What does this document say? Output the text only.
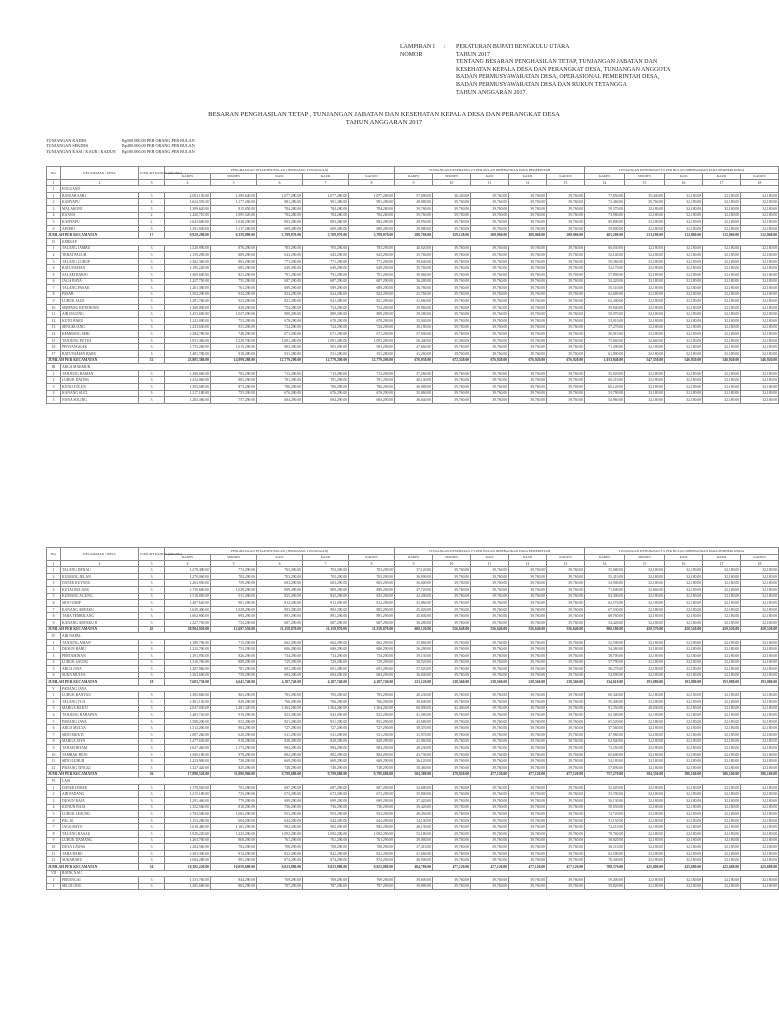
LAMPIRAN I	:	PERATURAN BUPATI BENGKULU UTARA
NOMOR	TAHUN 2017
TENTANG BESARAN PENGHASILAN TETAP, TUNJANGAN JABATAN DAN
KESEHATAN KEPALA DESA DAN PERANGKAT DESA, TUNJANGAN ANGGOTA
BADAN PERMUSYAWARATAN DESA, OPERASIONAL PEMERINTAH DESA,
BADAN PERMUSYAWARATAN DESA DAN RUKUN TETANGGA
TAHUN ANGGARAN 2017.
BESARAN PENGHASILAN TETAP , TUNJANGAN JABATAN DAN KESEHATAN KEPALA DESA DAN PERANGKAT DESA
TAHUN ANGGARAN 2017
TUNJANGAN KADES	Rp500.000,00 PER ORANG PER BULAN
TUNJANGAN SEKDES	Rp400.000,00 PER ORANG PER BULAN
TUNJANGAN KASI / KAUR / KADUN	Rp100.000,00 PER ORANG PER BULAN
NO.	KECAMATAN / DESA	JUMLAH KADUN (ORANG)	PENGHASILAN TETAP PER BULAN (TERMASUK TUNJANGAN)					TUNJANGAN KESEHATAN 2% PER BULAN DIBEBANKAN PADA PEMERINTAH					TUNJANGAN KESEHATAN 3% PER BULAN DIBEBANKAN PADA PEMBERI KERJA				
			KADES	SEKDES	KASI	KAUR	KADUN	KADES	SEKDES	KASI	KAUR	KADUN	KADES	SEKDES	KASI	KAUR	KADUN
1	2	3	4	5	6	7	8	9	10	11	12	13	14	15	16	17	18
I	ENGGANO																
1	BANJAR SARI	3	2,093,150.00	1,389,640.00	1,077,280.00	1,077,280.00	1,077,280.00	57,000.00	36,320.00	39,760.00	39,760.00	39,760.00	77,850.00	35,440.00	32,180.00	32,180.00	32,180.00
2	KAHYAPU	4	1,624,595.00	1,177,260.00	981,280.00	981,280.00	981,280.00	49,980.00	39,760.00	39,760.00	39,760.00	39,760.00	72,460.00	39,760.00	32,180.00	32,180.00	32,180.00
3	MALAKONI	3	1,389,620.00	815,050.00	784,280.00	784,280.00	784,280.00	39,760.00	39,760.00	39,760.00	39,760.00	39,760.00	59,370.00	32,180.00	32,180.00	32,180.00	32,180.00
4	KAANA	2	1,420,710.00	1,095,520.00	784,280.00	784,280.00	784,280.00	39,760.00	39,760.00	39,760.00	39,760.00	39,760.00	73,980.00	32,180.00	32,180.00	32,180.00	32,180.00
5	KAHYAPU	2	1,643,600.00	1,028,290.00	883,280.00	883,280.00	883,280.00	49,950.00	39,760.00	39,760.00	39,760.00	39,760.00	69,800.00	32,180.00	32,180.00	32,180.00	32,180.00
6	APOHO	3	1,391,040.00	1,117,280.00	689,280.00	689,280.00	689,280.00	39,980.00	39,760.00	39,760.00	39,760.00	39,760.00	59,890.00	32,180.00	32,180.00	32,180.00	32,180.00
JUMLAH PER KECAMATAN		17	9,929,290.00	6,359,800.00	5,789,970.00	5,789,970.00	5,789,970.00	288,768.00	259,128.00	208,960.00	208,960.00	208,960.00	403,200.00	213,180.00	212,860.00	212,860.00	212,860.00
II	KERKAP																
1	TALANG JAMBU	3	1,520,990.00	876,290.00	783,290.00	783,290.00	783,290.00	40,020.00	39,760.00	39,760.00	39,760.00	39,760.00	60,030.00	32,180.00	32,180.00	32,180.00	32,180.00
2	TEBAT PACUR	3	1,159,290.00	889,290.00	643,290.00	643,290.00	643,290.00	35,760.00	39,760.00	39,760.00	39,760.00	39,760.00	52,140.00	32,180.00	32,180.00	32,180.00	32,180.00
3	TALANG CURUP	3	1,362,360.00	863,290.00	771,290.00	771,290.00	771,290.00	39,640.00	39,760.00	39,760.00	39,760.00	39,760.00	59,360.00	32,180.00	32,180.00	32,180.00	32,180.00
4	BATUYAMAN	3	1,185,220.00	683,290.00	649,290.00	649,290.00	649,290.00	35,760.00	39,760.00	39,760.00	39,760.00	39,760.00	52,170.00	32,180.00	32,180.00	32,180.00	32,180.00
5	SALAM HARJO	3	1,369,600.00	821,290.00	791,290.00	791,290.00	791,290.00	39,960.00	39,760.00	39,760.00	39,760.00	39,760.00	57,890.00	32,180.00	32,180.00	32,180.00	32,180.00
6	JAGA BAYA	3	1,227,750.00	755,290.00	687,290.00	687,290.00	687,290.00	36,280.00	39,760.00	39,760.00	39,760.00	39,760.00	54,420.00	32,180.00	32,180.00	32,180.00	32,180.00
7	TALANG PASAK	3	1,261,380.00	761,290.00	689,290.00	689,290.00	689,290.00	36,780.00	39,760.00	39,760.00	39,760.00	39,760.00	55,110.00	32,180.00	32,180.00	32,180.00	32,180.00
8	PASAR	3	1,504,290.00	934,290.00	824,290.00	824,290.00	824,290.00	41,760.00	39,760.00	39,760.00	39,760.00	39,760.00	62,680.00	32,180.00	32,180.00	32,180.00	32,180.00
9	LUBUK JAGE	3	1,381,760.00	923,290.00	821,290.00	821,290.00	821,290.00	41,660.00	39,760.00	39,760.00	39,760.00	39,760.00	62,490.00	32,180.00	32,180.00	32,180.00	32,180.00
10	SIMPANG KETENONG	3	1,369,000.00	828,290.00	754,290.00	754,290.00	754,290.00	39,960.00	39,760.00	39,760.00	39,760.00	39,760.00	59,940.00	32,180.00	32,180.00	32,180.00	32,180.00
11	AIR DAGING	3	1,453,690.00	1,027,290.00	889,290.00	889,290.00	889,290.00	39,380.00	39,760.00	39,760.00	39,760.00	39,760.00	59,070.00	32,180.00	32,180.00	32,180.00	32,180.00
12	KUTO BARU	3	1,221,080.00	753,290.00	678,290.00	678,290.00	678,290.00	35,940.00	39,760.00	39,760.00	39,760.00	39,760.00	53,910.00	32,180.00	32,180.00	32,180.00	32,180.00
13	SENGKUANG	3	1,233,650.00	811,290.00	724,290.00	724,290.00	724,290.00	38,180.00	39,760.00	39,760.00	39,760.00	39,760.00	57,270.00	32,180.00	32,180.00	32,180.00	32,180.00
14	KEMBANG SERI	3	1,284,780.00	748,290.00	671,290.00	671,290.00	671,290.00	37,940.00	39,760.00	39,760.00	39,760.00	39,760.00	56,910.00	32,180.00	32,180.00	32,180.00	32,180.00
15	TANJUNG PUTUS	3	1,931,360.00	1,229,700.00	1,091,280.00	1,091,280.00	1,091,280.00	50,440.00	35,360.00	39,760.00	39,760.00	39,760.00	75,660.00	32,660.00	32,180.00	32,180.00	32,180.00
16	PENYANGKAK	3	1,753,200.00	1,015,290.00	903,290.00	903,290.00	903,290.00	47,660.00	39,760.00	39,760.00	39,760.00	39,760.00	71,490.00	32,180.00	32,180.00	32,180.00	32,180.00
17	BATUYAMAN BARU	3	1,481,780.00	918,280.00	811,280.00	811,280.00	811,280.00	41,260.00	39,760.00	39,760.00	39,760.00	39,760.00	61,890.00	32,180.00	32,180.00	32,180.00	32,180.00
JUMLAH PER KECAMATAN		52	23,981,380.00	14,999,280.00	12,779,290.00	12,779,290.00	12,779,290.00	676,030.00	672,520.00	676,920.00	676,920.00	676,920.00	1,013,940.00	547,350.00	546,920.00	546,920.00	546,920.00
III	ARGA MAKMUR																
1	TANJUNG RAMAN	3	1,289,660.00	782,290.00	713,290.00	713,290.00	713,290.00	37,260.00	39,760.00	39,760.00	39,760.00	39,760.00	55,920.00	32,180.00	32,180.00	32,180.00	32,180.00
2	LUBUK DATING	3	1,434,060.00	883,290.00	781,290.00	781,290.00	781,290.00	40,140.00	39,760.00	39,760.00	39,760.00	39,760.00	60,210.00	32,180.00	32,180.00	32,180.00	32,180.00
3	KUNO TOLUN	3	1,393,580.00	873,290.00	786,290.00	786,290.00	786,290.00	40,080.00	39,760.00	39,760.00	39,760.00	39,760.00	60,120.00	32,180.00	32,180.00	32,180.00	32,180.00
4	KANANG SUCI	3	1,217,180.00	755,290.00	676,290.00	676,290.00	676,290.00	35,860.00	39,760.00	39,760.00	39,760.00	39,760.00	53,790.00	32,180.00	32,180.00	32,180.00	32,180.00
5	NANA SOLING	3	1,203,360.00	757,290.00	684,290.00	684,290.00	684,290.00	36,640.00	39,760.00	39,760.00	39,760.00	39,760.00	54,960.00	32,180.00	32,180.00	32,180.00	32,180.00
NO.	KECAMATAN / DESA	JUMLAH KADUN (ORANG)	PENGHASILAN TETAP PER BULAN (TERMASUK TUNJANGAN)					TUNJANGAN KESEHATAN 2% PER BULAN DIBEBANKAN PADA PEMERINTAH					TUNJANGAN KESEHATAN 3% PER BULAN DIBEBANKAN PADA PEMBERI KERJA				
			KADES	SEKDES	KASI	KAUR	KADUN	KADES	SEKDES	KASI	KAUR	KADUN	KADES	SEKDES	KASI	KAUR	KADUN
1	2	3	4	5	6	7	8	9	10	11	12	13	14	15	16	17	18
1	TALANG DENAU	3	1,278,400.00	774,290.00	703,290.00	703,290.00	703,290.00	37,120.00	39,760.00	39,760.00	39,760.00	39,760.00	55,680.00	32,180.00	32,180.00	32,180.00	32,180.00
2	KUMANG JELAN	3	1,270,060.00	784,290.00	703,290.00	703,290.00	703,290.00	36,990.00	39,760.00	39,760.00	39,760.00	39,760.00	55,410.00	32,180.00	32,180.00	32,180.00	32,180.00
3	DATAR KUYANG	3	1,263,950.00	759,290.00	683,290.00	683,290.00	683,290.00	36,600.00	39,760.00	39,760.00	39,760.00	39,760.00	54,900.00	32,180.00	32,180.00	32,180.00	32,180.00
4	KUTAI BULANG	3	1,750,600.00	1,029,290.00	889,290.00	889,290.00	889,290.00	47,720.00	39,760.00	39,760.00	39,760.00	39,760.00	71,600.00	32,660.00	32,180.00	32,180.00	32,180.00
5	KUMANG AGUNG	3	1,518,850.00	911,290.00	825,290.00	825,290.00	825,290.00	42,200.00	39,760.00	39,760.00	39,760.00	39,760.00	63,300.00	32,180.00	32,180.00	32,180.00	32,180.00
6	SIDO UMIP	3	1,487,620.00	901,290.00	812,290.00	812,290.00	812,290.00	41,860.00	39,760.00	39,760.00	39,760.00	39,760.00	62,570.00	32,180.00	32,180.00	32,180.00	32,180.00
7	KANANG ARYAKU	3	1,629,400.00	1,028,290.00	883,290.00	883,290.00	883,290.00	45,020.00	39,760.00	39,760.00	39,760.00	39,760.00	67,530.00	32,180.00	32,180.00	32,180.00	32,180.00
8	TABA TEMBILANG	3	1,662,900.00	993,290.00	891,290.00	891,290.00	891,290.00	45,840.00	39,760.00	39,760.00	39,760.00	39,760.00	68,760.00	32,180.00	32,180.00	32,180.00	32,180.00
9	KANANG ARYAKU II	3	1,227,750.00	754,290.00	687,290.00	687,290.00	687,290.00	36,280.00	39,760.00	39,760.00	39,760.00	39,760.00	54,420.00	32,180.00	32,180.00	32,180.00	32,180.00
JUMLAH PER KECAMATAN		45	20,904,920.00	12,697,550.00	11,358,870.00	11,358,870.00	11,358,870.00	600,120.00	556,640.00	556,640.00	556,640.00	556,640.00	900,180.00	450,570.00	450,520.00	450,520.00	450,520.00
IV	AIR NAPAL																
1	TANJUNG AMAN	3	1,189,700.00	713,290.00	662,290.00	662,290.00	662,290.00	35,060.00	39,760.00	39,760.00	39,760.00	39,760.00	52,590.00	32,180.00	32,180.00	32,180.00	32,180.00
2	DUSUN BARU	3	1,233,760.00	753,290.00	686,290.00	686,290.00	686,290.00	36,290.00	39,760.00	39,760.00	39,760.00	39,760.00	54,360.00	32,180.00	32,180.00	32,180.00	32,180.00
3	PERTAMINAN	3	1,391,950.00	826,290.00	734,290.00	734,290.00	734,290.00	39,130.00	39,760.00	39,760.00	39,760.00	39,760.00	58,700.00	32,180.00	32,180.00	32,180.00	32,180.00
4	LUBUK SAUNG	3	1,316,760.00	808,290.00	729,290.00	729,290.00	729,290.00	38,520.00	39,760.00	39,760.00	39,760.00	39,760.00	57,790.00	32,180.00	32,180.00	32,180.00	32,180.00
5	ARGA JAYA	3	1,287,960.00	781,290.00	691,290.00	691,290.00	691,290.00	37,520.00	39,760.00	39,760.00	39,760.00	39,760.00	56,270.00	32,180.00	32,180.00	32,180.00	32,180.00
6	SUKA MULYA	3	1,263,600.00	759,290.00	684,290.00	684,290.00	684,290.00	36,600.00	39,760.00	39,760.00	39,760.00	39,760.00	54,900.00	32,180.00	32,180.00	32,180.00	32,180.00
JUMLAH PER KECAMATAN		18	7,683,730.00	4,641,740.00	4,187,740.00	4,187,740.00	4,187,740.00	223,120.00	238,560.00	238,560.00	238,560.00	238,560.00	334,610.00	193,080.00	193,080.00	193,080.00	193,080.00
V	PADANG JAYA																
1	LUBUK BANYAU	3	1,383,660.00	863,290.00	783,290.00	783,290.00	783,290.00	40,230.00	39,760.00	39,760.00	39,760.00	39,760.00	60,340.00	32,180.00	32,180.00	32,180.00	32,180.00
2	TALANG TUA	3	1,361,150.00	849,290.00	766,290.00	766,290.00	766,290.00	39,600.00	39,760.00	39,760.00	39,760.00	39,760.00	59,400.00	32,180.00	32,180.00	32,180.00	32,180.00
3	MARGA BAKTI	3	2,047,030.00	1,481,320.00	1,364,260.00	1,364,260.00	1,364,260.00	60,900.00	42,460.00	39,760.00	39,760.00	39,760.00	91,350.00	40,030.00	32,180.00	32,180.00	32,180.00
4	TANJUNG HARAPAN	3	1,483,720.00	919,290.00	823,290.00	823,290.00	823,290.00	41,580.00	39,760.00	39,760.00	39,760.00	39,760.00	62,380.00	32,180.00	32,180.00	32,180.00	32,180.00
5	PADANG JAYA	3	1,588,200.00	923,290.00	831,290.00	831,290.00	831,290.00	43,680.00	39,760.00	39,760.00	39,760.00	39,760.00	65,520.00	32,180.00	32,180.00	32,180.00	32,180.00
6	ARGA MULYA	3	1,312,260.00	804,290.00	727,290.00	727,290.00	727,290.00	38,370.00	39,760.00	39,760.00	39,760.00	39,760.00	57,560.00	32,180.00	32,180.00	32,180.00	32,180.00
7	SIDO MUKTI	3	1,087,260.00	628,290.00	611,290.00	611,290.00	611,290.00	31,970.00	39,760.00	39,760.00	39,760.00	39,760.00	47,960.00	32,180.00	32,180.00	32,180.00	32,180.00
8	MARGA JAYA	3	1,477,630.00	918,290.00	828,290.00	828,290.00	828,290.00	41,960.00	39,760.00	39,760.00	39,760.00	39,760.00	62,940.00	32,180.00	32,180.00	32,180.00	32,180.00
9	TANAH HITAM	3	1,627,460.00	1,173,290.00	984,290.00	984,290.00	984,290.00	48,230.00	39,760.00	39,760.00	39,760.00	39,760.00	72,350.00	32,180.00	32,180.00	32,180.00	32,180.00
10	TAMBAK REJO	3	1,569,180.00	978,290.00	882,290.00	882,290.00	882,290.00	43,730.00	39,760.00	39,760.00	39,760.00	39,760.00	65,600.00	32,180.00	32,180.00	32,180.00	32,180.00
11	SIDO LUHUR	3	1,223,960.00	738,290.00	669,290.00	669,290.00	669,290.00	36,120.00	39,760.00	39,760.00	39,760.00	39,760.00	54,180.00	32,180.00	32,180.00	32,180.00	32,180.00
12	PADANG TINGGI	3	1,327,420.00	825,290.00	748,290.00	748,290.00	748,290.00	38,460.00	39,760.00	39,760.00	39,760.00	39,760.00	57,690.00	32,180.00	32,180.00	32,180.00	32,180.00
JUMLAH PER KECAMATAN		36	17,888,520.00	11,080,960.00	9,799,680.00	9,799,680.00	9,799,680.00	504,380.00	479,820.00	477,120.00	477,120.00	477,120.00	757,270.00	394,350.00	386,160.00	386,160.00	386,160.00
VI	LAIS																
1	DATAR LEBAR	3	1,178,920.00	702,290.00	687,290.00	687,290.00	687,290.00	34,680.00	39,760.00	39,760.00	39,760.00	39,760.00	52,020.00	32,180.00	32,180.00	32,180.00	32,180.00
2	AIR PADANG	3	1,215,180.00	733,290.00	673,290.00	673,290.00	673,290.00	35,800.00	39,760.00	39,760.00	39,760.00	39,760.00	53,700.00	32,180.00	32,180.00	32,180.00	32,180.00
3	DUSUN RAJA	3	1,291,460.00	779,290.00	699,290.00	699,290.00	699,290.00	37,420.00	39,760.00	39,760.00	39,760.00	39,760.00	56,130.00	32,180.00	32,180.00	32,180.00	32,180.00
4	KUNUN BAJA	3	1,352,560.00	818,290.00	736,290.00	736,290.00	736,290.00	39,420.00	39,760.00	39,760.00	39,760.00	39,760.00	58,050.00	32,180.00	32,180.00	32,180.00	32,180.00
5	LUBUK LESUNG	3	1,784,500.00	1,063,290.00	953,290.00	953,290.00	953,290.00	48,450.00	39,760.00	39,760.00	39,760.00	39,760.00	72,720.00	32,180.00	32,180.00	32,180.00	32,180.00
6	PAL 30	3	1,153,280.00	694,290.00	644,290.00	644,290.00	644,290.00	34,100.00	39,760.00	39,760.00	39,760.00	39,760.00	51,150.00	32,180.00	32,180.00	32,180.00	32,180.00
7	JAGO BAYO	3	1,618,460.00	1,165,290.00	982,290.00	982,290.00	982,290.00	48,130.00	39,760.00	39,760.00	39,760.00	39,760.00	72,210.00	32,180.00	32,180.00	32,180.00	32,180.00
8	TALANG RASAU	3	1,929,220.00	1,223,290.00	1,092,290.00	1,092,290.00	1,092,290.00	53,180.00	39,760.00	39,760.00	39,760.00	39,760.00	79,760.00	32,180.00	32,180.00	32,180.00	32,180.00
9	LUBUK DAMANG	3	1,263,760.00	868,290.00	761,290.00	761,290.00	761,290.00	39,080.00	39,760.00	39,760.00	39,760.00	39,760.00	58,820.00	32,180.00	32,180.00	32,180.00	32,180.00
10	DUSA LAWAS	3	1,284,560.00	784,290.00	708,290.00	708,290.00	708,290.00	37,410.00	39,760.00	39,760.00	39,760.00	39,760.00	56,110.00	32,180.00	32,180.00	32,180.00	32,180.00
11	TABA BARU	3	1,303,300.00	914,290.00	822,290.00	822,290.00	822,290.00	41,660.00	39,760.00	39,760.00	39,760.00	39,760.00	62,500.00	32,180.00	32,180.00	32,180.00	32,180.00
12	SUKABARU	3	1,684,280.00	981,290.00	874,290.00	874,290.00	874,290.00	46,900.00	39,760.00	39,760.00	39,760.00	39,760.00	70,340.00	32,180.00	32,180.00	32,180.00	32,180.00
JUMLAH PER KECAMATAN		34	18,382,220.00	10,059,680.00	9,023,880.00	9,023,880.00	9,023,880.00	484,780.00	477,120.00	477,120.00	477,120.00	477,120.00	708,370.00	425,680.00	425,680.00	425,680.00	425,680.00
VII	BATIK NAU																
1	PERANGAI	3	1,333,760.00	844,290.00	769,290.00	769,290.00	769,290.00	39,600.00	39,760.00	39,760.00	39,760.00	39,760.00	59,400.00	32,180.00	32,180.00	32,180.00	32,180.00
2	SELOLONG	3	1,305,600.00	863,290.00	787,290.00	787,290.00	787,290.00	39,880.00	39,760.00	39,760.00	39,760.00	39,760.00	59,820.00	32,180.00	32,180.00	32,180.00	32,180.00
